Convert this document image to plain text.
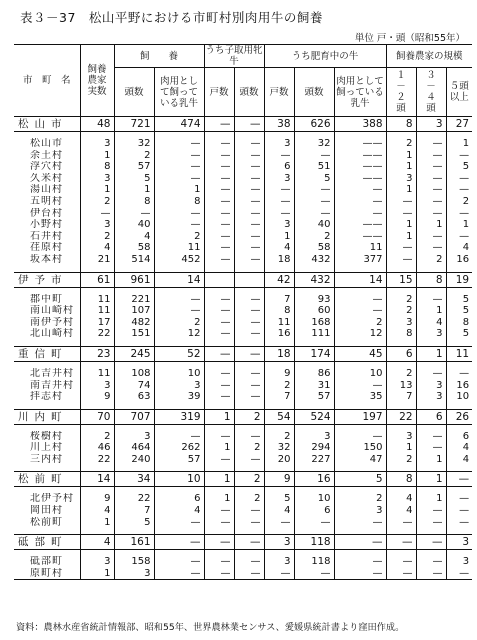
表３－37　松山平野における市町村別肉用牛の飼養
単位 戸・頭（昭和55年）
市　町　名	飼養農家実数	飼　　養		うち子取用牝牛		うち肥育中の牛			飼養農家の規模		
		頭数	肉用として飼っている乳牛	戸数	頭数	戸数	頭数	肉用として飼っている乳牛	１－２頭	３－４頭	５頭以上
松山市	48	721	474	—	—	38	626	388	8	3	27

松山市	3	32	—	—	—	3	32	——	2	—	1
余土村	1	2	—	—	—	—	—	——	1	—	—
浮穴村	8	57	—	—	—	6	51	——	1	—	5
久米村	3	5	—	—	—	3	5	——	3	—	—
湯山村	1	1	1	—	—	—	—	—	1	—	—
五明村	2	8	8	—	—	—	—	—	—	—	2
伊台村	—	—	—	—	—	—	—	—	—	—	—
小野村	3	40	—	—	—	3	40	——	1	1	1
石井村	2	4	2	—	—	1	2	——	1	—	—
荏原村	4	58	11	—	—	4	58	11	—	—	4
坂本村	21	514	452	—	—	18	432	377	—	2	16

伊予市	61	961	14			42	432	14	15	8	19

郡中町	11	221	—	—	—	7	93	—	2	—	5
南山崎村	11	107	—	—	—	8	60	—	2	1	5
南伊予村	17	482	2	—	—	11	168	2	3	4	8
北山崎村	22	151	12	—	—	16	111	12	8	3	5

重信町	23	245	52	—	—	18	174	45	6	1	11

北吉井村	11	108	10	—	—	9	86	10	2	—	—
南吉井村	3	74	3	—	—	2	31	—	13	3	16
拝志村	9	63	39	—	—	7	57	35	7	3	10

川内町	70	707	319	1	2	54	524	197	22	6	26

桜樹村	2	3	—	—	—	2	3	—	3	—	6
川上村	46	464	262	1	2	32	294	150	1	—	4
三内村	22	240	57	—	—	20	227	47	2	1	4

松前町	14	34	10	1	2	9	16	5	8	1	—

北伊予村	9	22	6	1	2	5	10	2	4	1	—
岡田村	4	7	4	—	—	4	6	3	4	—	—
松前町	1	5	—	—	—	—	—	—	—	—	—

砥部町	4	161	—	—	—	3	118	—	—	—	3

砥部町	3	158	—	—	—	3	118	—	—	—	3
原町村	1	3	—	—	—	—	—	—	—	—	—
資料：農林水産省統計情報部、昭和55年、世界農林業センサス、愛媛県統計書より窪田作成。
